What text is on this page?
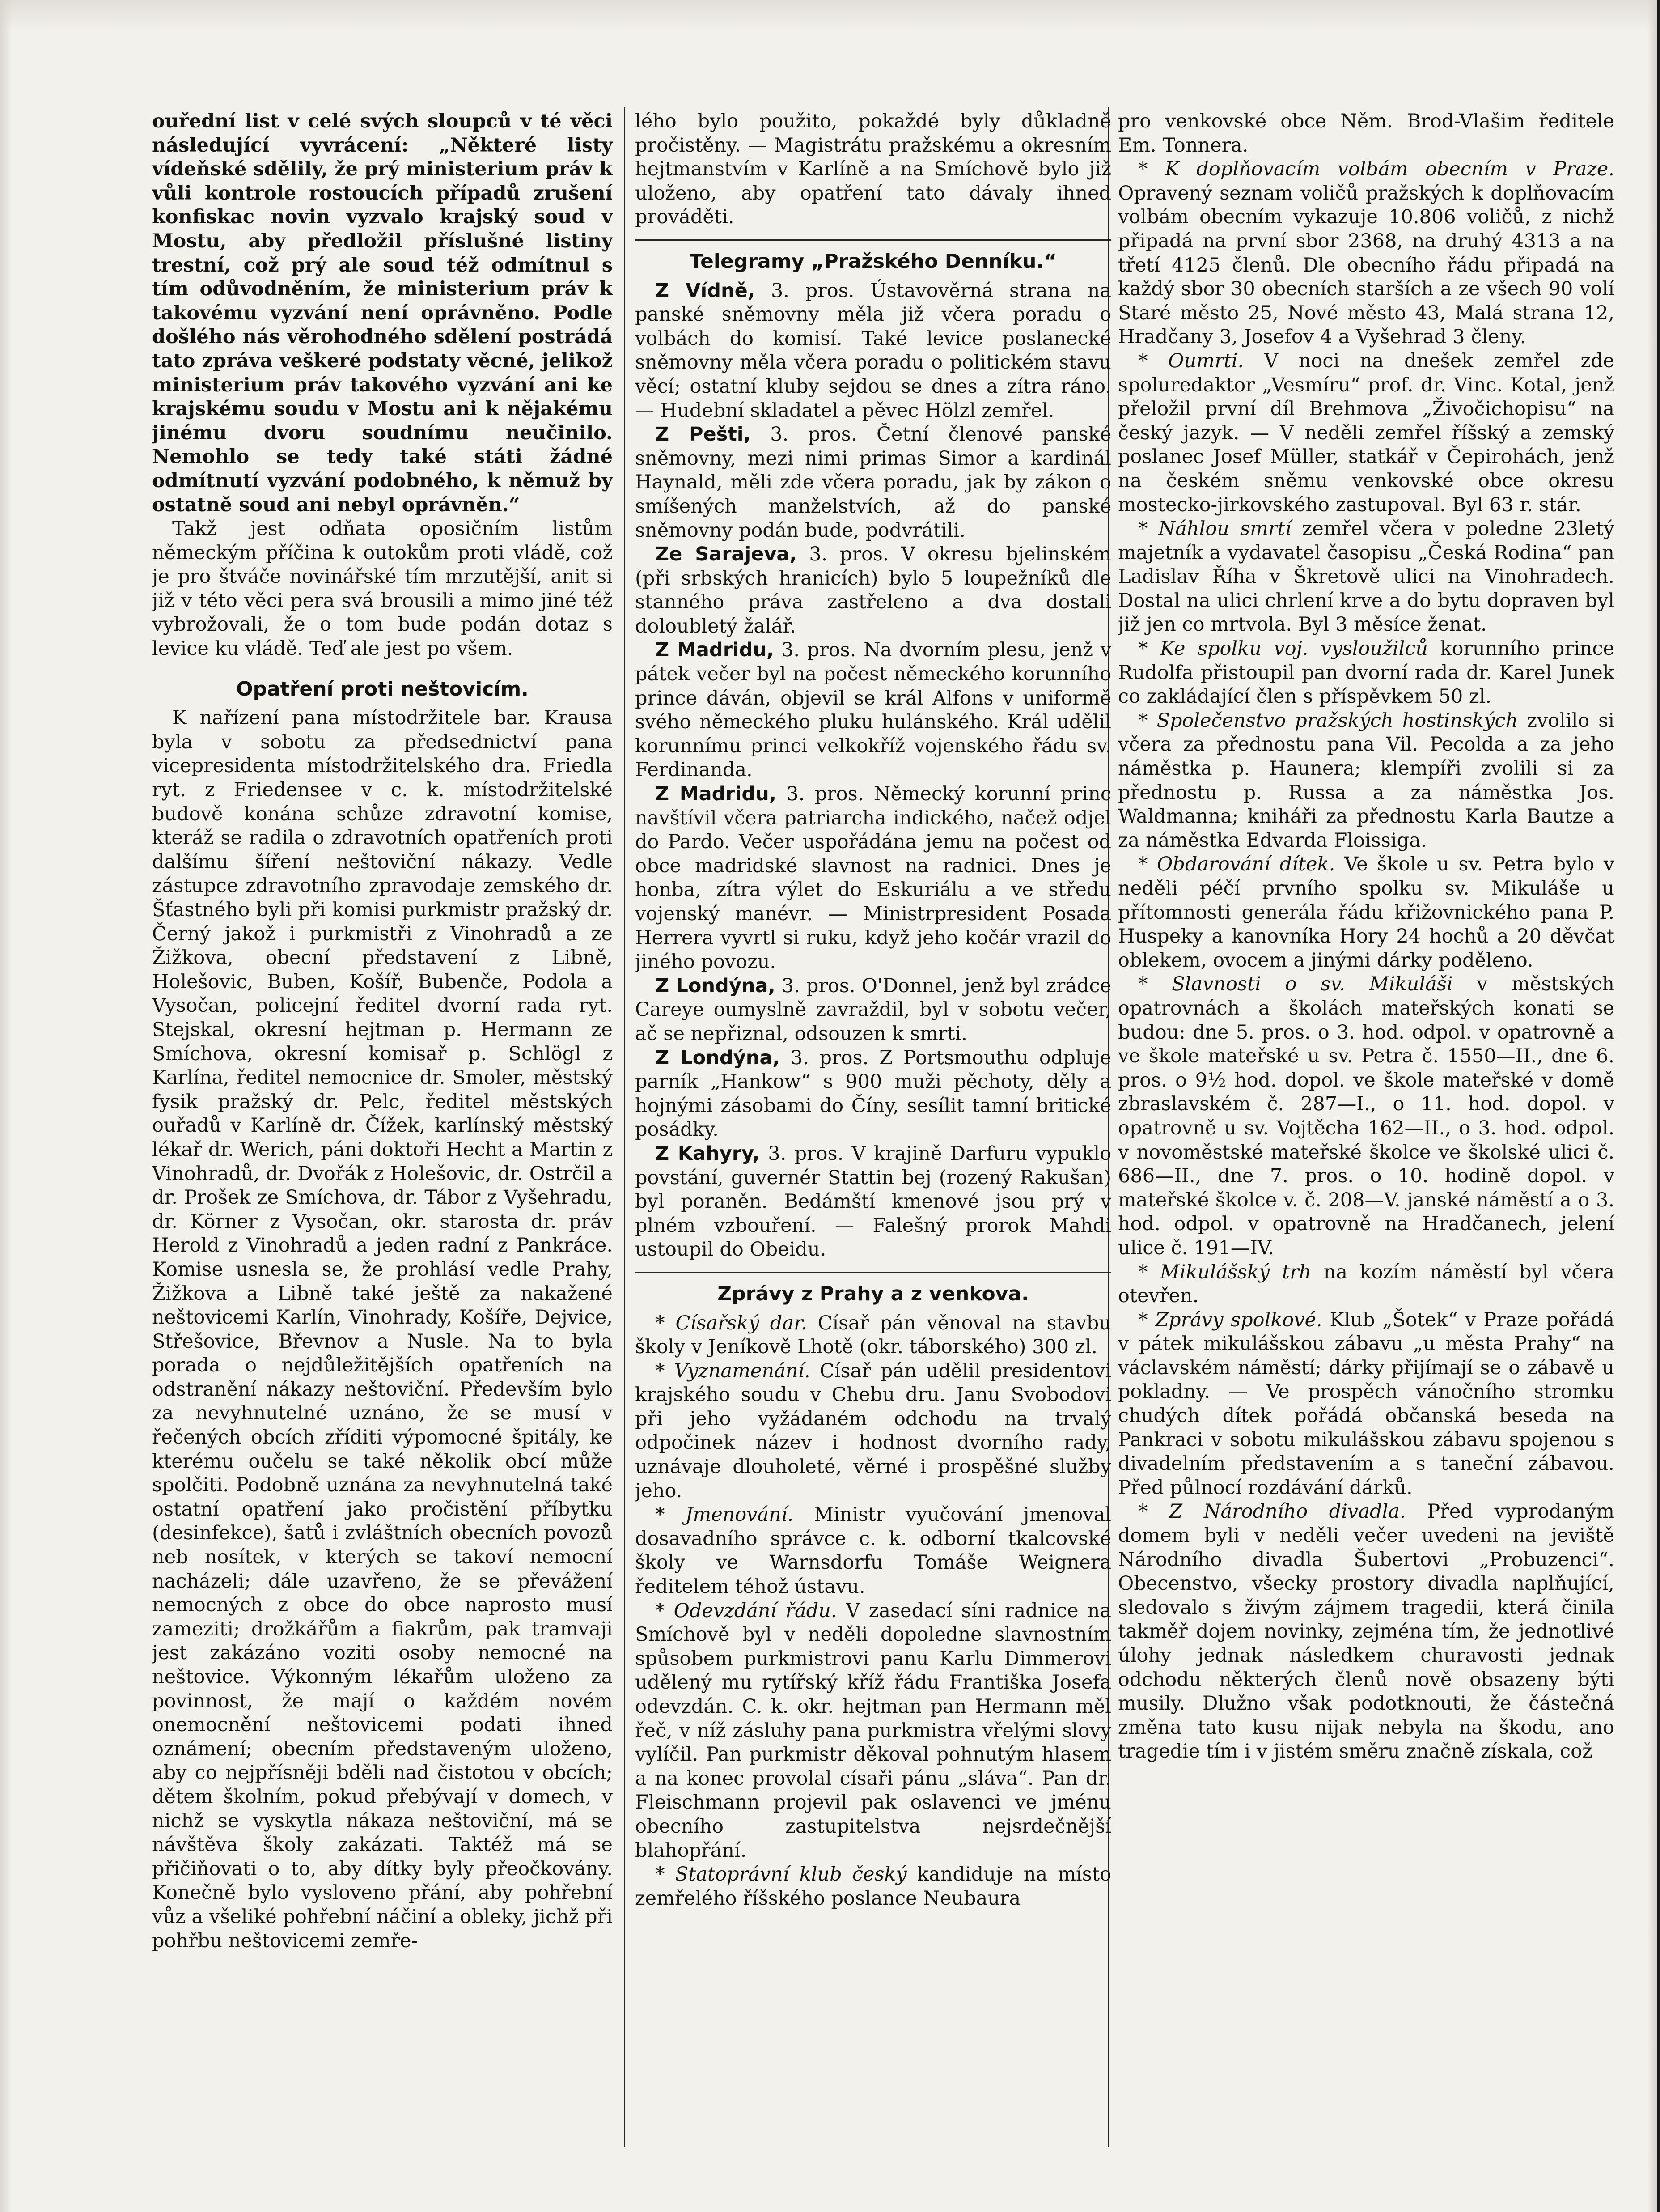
ouřední list v celé svých sloupců v té věci následující vyvrácení: „Některé listy vídeňské sdělily, že prý ministerium práv k vůli kontrole rostoucích případů zrušení konfiskac novin vyzvalo krajský soud v Mostu, aby předložil příslušné listiny trestní, což prý ale soud též odmítnul s tím odůvodněním, že ministerium práv k takovému vyzvání není oprávněno. Podle došlého nás věrohodného sdělení postrádá tato zpráva veškeré podstaty věcné, jelikož ministerium práv takového vyzvání ani ke krajskému soudu v Mostu ani k nějakému jinému dvoru soudnímu neučinilo. Nemohlo se tedy také státi žádné odmítnutí vyzvání podobného, k němuž by ostatně soud ani nebyl oprávněn.“

Takž jest odňata oposičním listům německým příčina k outokům proti vládě, což je pro štváče novinářské tím mrzutější, anit si již v této věci pera svá brousili a mimo jiné též vybrožovali, že o tom bude podán dotaz s levice ku vládě. Teď ale jest po všem.

Opatření proti neštovicím.

K nařízení pana místodržitele bar. Krausa byla v sobotu za předsednictví pana vicepresidenta místodržitelského dra. Friedla ryt. z Friedensee v c. k. místodržitelské budově konána schůze zdravotní komise, kteráž se radila o zdravotních opatřeních proti dalšímu šíření neštoviční nákazy. Vedle zástupce zdravotního zpravodaje zemského dr. Šťastného byli při komisi purkmistr pražský dr. Černý jakož i purkmistři z Vinohradů a ze Žižkova, obecní představení z Libně, Holešovic, Buben, Košíř, Bubenče, Podola a Vysočan, policejní ředitel dvorní rada ryt. Stejskal, okresní hejtman p. Hermann ze Smíchova, okresní komisař p. Schlögl z Karlína, ředitel nemocnice dr. Smoler, městský fysik pražský dr. Pelc, ředitel městských ouřadů v Karlíně dr. Čížek, karlínský městský lékař dr. Werich, páni doktoři Hecht a Martin z Vinohradů, dr. Dvořák z Holešovic, dr. Ostrčil a dr. Prošek ze Smíchova, dr. Tábor z Vyšehradu, dr. Körner z Vysočan, okr. starosta dr. práv Herold z Vinohradů a jeden radní z Pankráce. Komise usnesla se, že prohlásí vedle Prahy, Žižkova a Libně také ještě za nakažené neštovicemi Karlín, Vinohrady, Košíře, Dejvice, Střešovice, Břevnov a Nusle. Na to byla porada o nejdůležitějších opatřeních na odstranění nákazy neštoviční. Především bylo za nevyhnutelné uznáno, že se musí v řečených obcích zříditi výpomocné špitály, ke kterému oučelu se také několik obcí může spolčiti. Podobně uznána za nevyhnutelná také ostatní opatření jako pročistění příbytku (desinfekce), šatů i zvláštních obecních povozů neb nosítek, v kterých se takoví nemocní nacházeli; dále uzavřeno, že se převážení nemocných z obce do obce naprosto musí zameziti; drožkářům a fiakrům, pak tramvaji jest zakázáno voziti osoby nemocné na neštovice. Výkonným lékařům uloženo za povinnost, že mají o každém novém onemocnění neštovicemi podati ihned oznámení; obecním představeným uloženo, aby co nejpřísněji bděli nad čistotou v obcích; dětem školním, pokud přebývají v domech, v nichž se vyskytla nákaza neštoviční, má se návštěva školy zakázati. Taktéž má se přičiňovati o to, aby dítky byly přeočkovány. Konečně bylo vysloveno přání, aby pohřební vůz a všeliké pohřební náčiní a obleky, jichž při pohřbu neštovicemi zemře-

lého bylo použito, pokaždé byly důkladně pročistěny. — Magistrátu pražskému a okresním hejtmanstvím v Karlíně a na Smíchově bylo již uloženo, aby opatření tato dávaly ihned prováděti.

Telegramy „Pražského Denníku.“

Z Vídně, 3. pros. Ústavověrná strana na panské sněmovny měla již včera poradu o volbách do komisí. Také levice poslanecké sněmovny měla včera poradu o politickém stavu věcí; ostatní kluby sejdou se dnes a zítra ráno. — Hudební skladatel a pěvec Hölzl zemřel.

Z Pešti, 3. pros. Četní členové panské sněmovny, mezi nimi primas Simor a kardinál Haynald, měli zde včera poradu, jak by zákon o smíšených manželstvích, až do panské sněmovny podán bude, podvrátili.

Ze Sarajeva, 3. pros. V okresu bjelinském (při srbských hranicích) bylo 5 loupežníků dle stanného práva zastřeleno a dva dostali doloubletý žalář.

Z Madridu, 3. pros. Na dvorním plesu, jenž v pátek večer byl na počest německého korunního prince dáván, objevil se král Alfons v uniformě svého německého pluku hulánského. Král udělil korunnímu princi velkokříž vojenského řádu sv. Ferdinanda.

Z Madridu, 3. pros. Německý korunní princ navštívil včera patriarcha indického, načež odjel do Pardo. Večer uspořádána jemu na počest od obce madridské slavnost na radnici. Dnes je honba, zítra výlet do Eskuriálu a ve středu vojenský manévr. — Ministrpresident Posada Herrera vyvrtl si ruku, když jeho kočár vrazil do jiného povozu.

Z Londýna, 3. pros. O'Donnel, jenž byl zrádce Careye oumyslně zavraždil, byl v sobotu večer, ač se nepřiznal, odsouzen k smrti.

Z Londýna, 3. pros. Z Portsmouthu odpluje parník „Hankow“ s 900 muži pěchoty, děly a hojnými zásobami do Číny, sesílit tamní britické posádky.

Z Kahyry, 3. pros. V krajině Darfuru vypuklo povstání, guvernér Stattin bej (rozený Rakušan) byl poraněn. Bedámští kmenové jsou prý v plném vzbouření. — Falešný prorok Mahdi ustoupil do Obeidu.

Zprávy z Prahy a z venkova.

* Císařský dar. Císař pán věnoval na stavbu školy v Jeníkově Lhotě (okr. táborského) 300 zl.

* Vyznamenání. Císař pán udělil presidentovi krajského soudu v Chebu dru. Janu Svobodovi při jeho vyžádaném odchodu na trvalý odpočinek název i hodnost dvorního rady, uznávaje dlouholeté, věrné i prospěšné služby jeho.

* Jmenování. Ministr vyučování jmenoval dosavadního správce c. k. odborní tkalcovské školy ve Warnsdorfu Tomáše Weignera ředitelem téhož ústavu.

* Odevzdání řádu. V zasedací síni radnice na Smíchově byl v neděli dopoledne slavnostním spůsobem purkmistrovi panu Karlu Dimmerovi udělený mu rytířský kříž řádu Františka Josefa odevzdán. C. k. okr. hejtman pan Hermann měl řeč, v níž zásluhy pana purkmistra vřelými slovy vylíčil. Pan purkmistr děkoval pohnutým hlasem a na konec provolal císaři pánu „sláva“. Pan dr. Fleischmann projevil pak oslavenci ve jménu obecního zastupitelstva nejsrdečnější blahopřání.

* Statoprávní klub český kandiduje na místo zemřelého říšského poslance Neubaura

pro venkovské obce Něm. Brod-Vlašim ředitele Em. Tonnera.

* K doplňovacím volbám obecním v Praze. Opravený seznam voličů pražských k doplňovacím volbám obecním vykazuje 10.806 voličů, z nichž připadá na první sbor 2368, na druhý 4313 a na třetí 4125 členů. Dle obecního řádu připadá na každý sbor 30 obecních starších a ze všech 90 volí Staré město 25, Nové město 43, Malá strana 12, Hradčany 3, Josefov 4 a Vyšehrad 3 členy.

* Oumrti. V noci na dnešek zemřel zde spoluredaktor „Vesmíru“ prof. dr. Vinc. Kotal, jenž přeložil první díl Brehmova „Živočichopisu“ na český jazyk. — V neděli zemřel říšský a zemský poslanec Josef Müller, statkář v Čepirohách, jenž na českém sněmu venkovské obce okresu mostecko-jirkovského zastupoval. Byl 63 r. stár.

* Náhlou smrtí zemřel včera v poledne 23letý majetník a vydavatel časopisu „Česká Rodina“ pan Ladislav Říha v Škretově ulici na Vinohradech. Dostal na ulici chrlení krve a do bytu dopraven byl již jen co mrtvola. Byl 3 měsíce ženat.

* Ke spolku voj. vysloužilců korunního prince Rudolfa přistoupil pan dvorní rada dr. Karel Junek co zakládající člen s příspěvkem 50 zl.

* Společenstvo pražských hostinských zvolilo si včera za přednostu pana Vil. Pecolda a za jeho náměstka p. Haunera; klempíři zvolili si za přednostu p. Russa a za náměstka Jos. Waldmanna; kniháři za přednostu Karla Bautze a za náměstka Edvarda Floissiga.

* Obdarování dítek. Ve škole u sv. Petra bylo v neděli péčí prvního spolku sv. Mikuláše u přítomnosti generála řádu křižovnického pana P. Huspeky a kanovníka Hory 24 hochů a 20 děvčat oblekem, ovocem a jinými dárky poděleno.

* Slavnosti o sv. Mikuláši v městských opatrovnách a školách mateřských konati se budou: dne 5. pros. o 3. hod. odpol. v opatrovně a ve škole mateřské u sv. Petra č. 1550—II., dne 6. pros. o 9½ hod. dopol. ve škole mateřské v domě zbraslavském č. 287—I., o 11. hod. dopol. v opatrovně u sv. Vojtěcha 162—II., o 3. hod. odpol. v novoměstské mateřské školce ve školské ulici č. 686—II., dne 7. pros. o 10. hodině dopol. v mateřské školce v. č. 208—V. janské náměstí a o 3. hod. odpol. v opatrovně na Hradčanech, jelení ulice č. 191—IV.

* Mikulášský trh na kozím náměstí byl včera otevřen.

* Zprávy spolkové. Klub „Šotek“ v Praze pořádá v pátek mikulášskou zábavu „u města Prahy“ na václavském náměstí; dárky přijímají se o zábavě u pokladny. — Ve prospěch vánočního stromku chudých dítek pořádá občanská beseda na Pankraci v sobotu mikulášskou zábavu spojenou s divadelním představením a s taneční zábavou. Před půlnocí rozdávání dárků.

* Z Národního divadla. Před vyprodaným domem byli v neděli večer uvedeni na jeviště Národního divadla Šubertovi „Probuzenci“. Obecenstvo, všecky prostory divadla naplňující, sledovalo s živým zájmem tragedii, která činila takměř dojem novinky, zejména tím, že jednotlivé úlohy jednak následkem churavosti jednak odchodu některých členů nově obsazeny býti musily. Dlužno však podotknouti, že částečná změna tato kusu nijak nebyla na škodu, ano tragedie tím i v jistém směru značně získala, což
